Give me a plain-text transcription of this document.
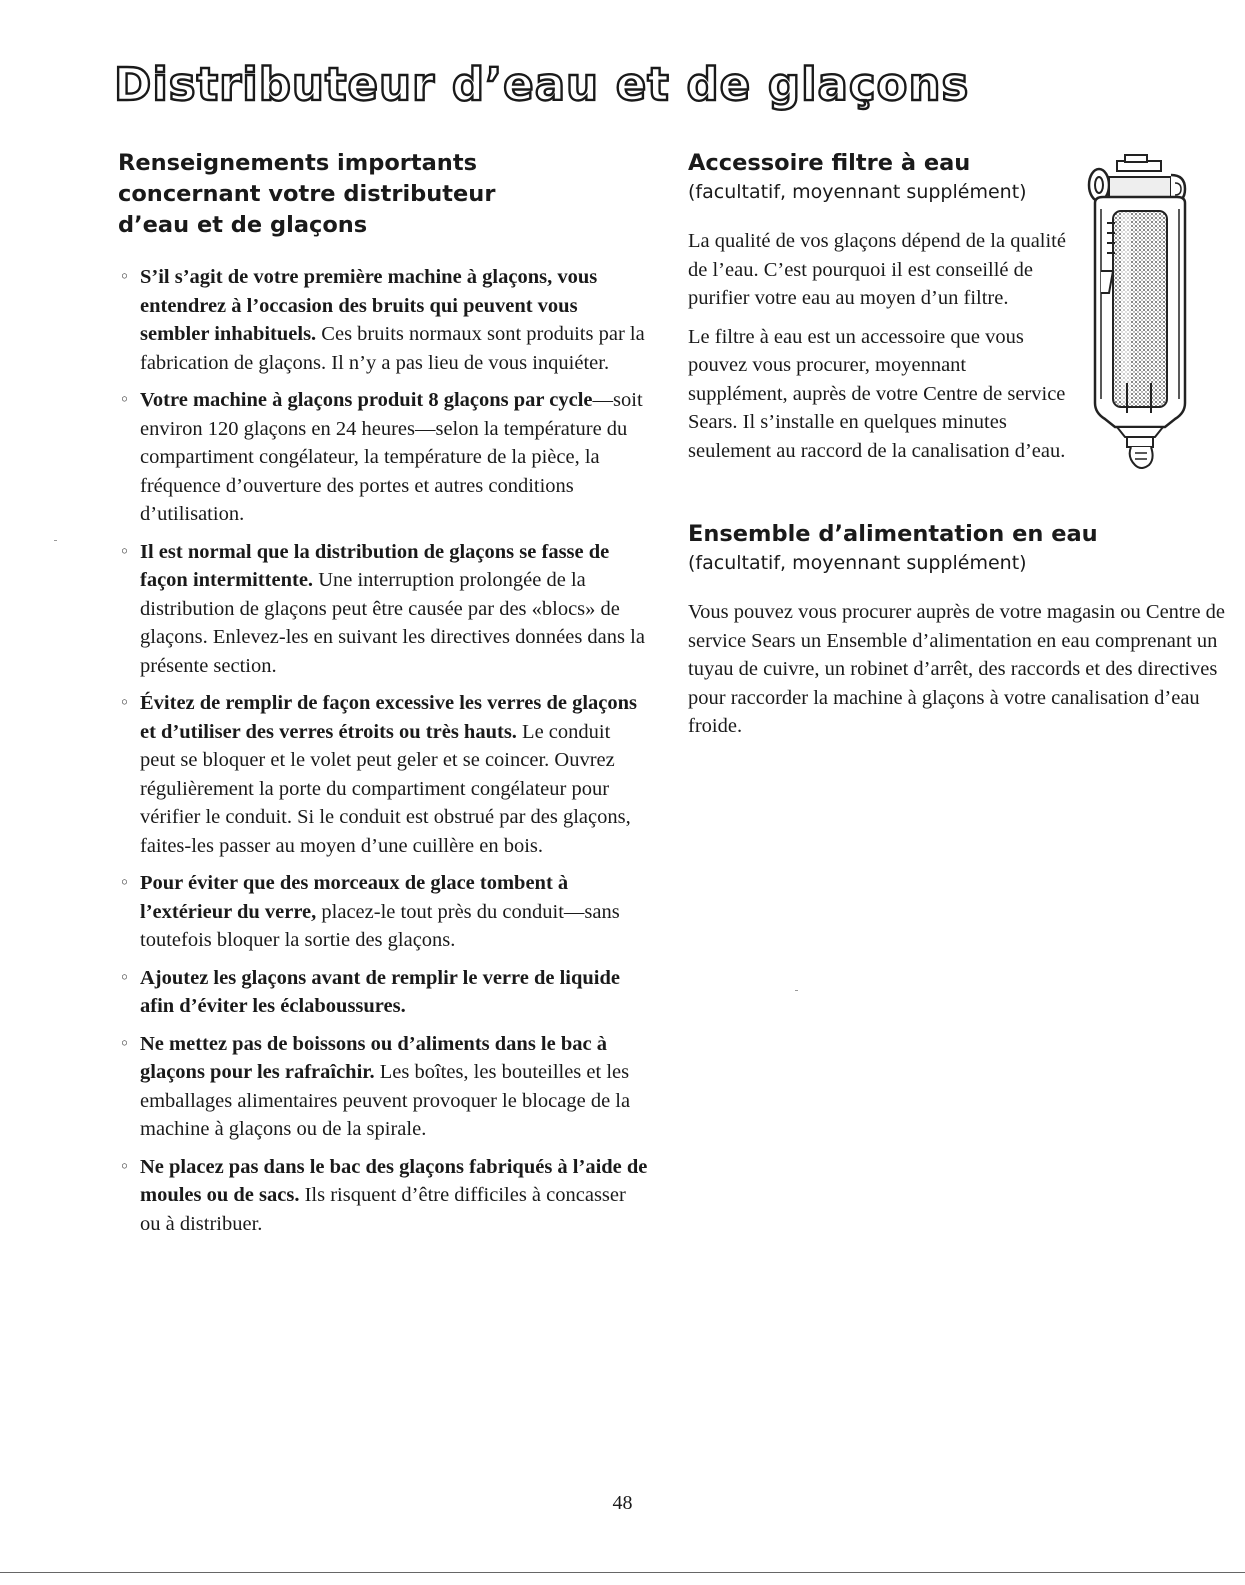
Distributeur d’eau et de glaçons
Renseignements importants concernant votre distributeur d’eau et de glaçons
◦ S’il s’agit de votre première machine à glaçons, vous entendrez à l’occasion des bruits qui peuvent vous sembler inhabituels. Ces bruits normaux sont produits par la fabrication de glaçons. Il n’y a pas lieu de vous inquiéter.
◦ Votre machine à glaçons produit 8 glaçons par cycle—soit environ 120 glaçons en 24 heures—selon la température du compartiment congélateur, la température de la pièce, la fréquence d’ouverture des portes et autres conditions d’utilisation.
◦ Il est normal que la distribution de glaçons se fasse de façon intermittente. Une interruption prolongée de la distribution de glaçons peut être causée par des «blocs» de glaçons. Enlevez-les en suivant les directives données dans la présente section.
◦ Évitez de remplir de façon excessive les verres de glaçons et d’utiliser des verres étroits ou très hauts. Le conduit peut se bloquer et le volet peut geler et se coincer. Ouvrez régulièrement la porte du compartiment congélateur pour vérifier le conduit. Si le conduit est obstrué par des glaçons, faites-les passer au moyen d’une cuillère en bois.
◦ Pour éviter que des morceaux de glace tombent à l’extérieur du verre, placez-le tout près du conduit—sans toutefois bloquer la sortie des glaçons.
◦ Ajoutez les glaçons avant de remplir le verre de liquide afin d’éviter les éclaboussures.
◦ Ne mettez pas de boissons ou d’aliments dans le bac à glaçons pour les rafraîchir. Les boîtes, les bouteilles et les emballages alimentaires peuvent provoquer le blocage de la machine à glaçons ou de la spirale.
◦ Ne placez pas dans le bac des glaçons fabriqués à l’aide de moules ou de sacs. Ils risquent d’être difficiles à concasser ou à distribuer.
Accessoire filtre à eau

(facultatif, moyennant supplément)

La qualité de vos glaçons dépend de la qualité de l’eau. C’est pourquoi il est conseillé de purifier votre eau au moyen d’un filtre.

Le filtre à eau est un accessoire que vous pouvez vous procurer, moyennant supplément, auprès de votre Centre de service Sears. Il s’installe en quelques minutes seulement au raccord de la canalisation d’eau.

Ensemble d’alimentation en eau

(facultatif, moyennant supplément)

Vous pouvez vous procurer auprès de votre magasin ou Centre de service Sears un Ensemble d’alimentation en eau comprenant un tuyau de cuivre, un robinet d’arrêt, des raccords et des directives pour raccorder la machine à glaçons à votre canalisation d’eau froide.

48
